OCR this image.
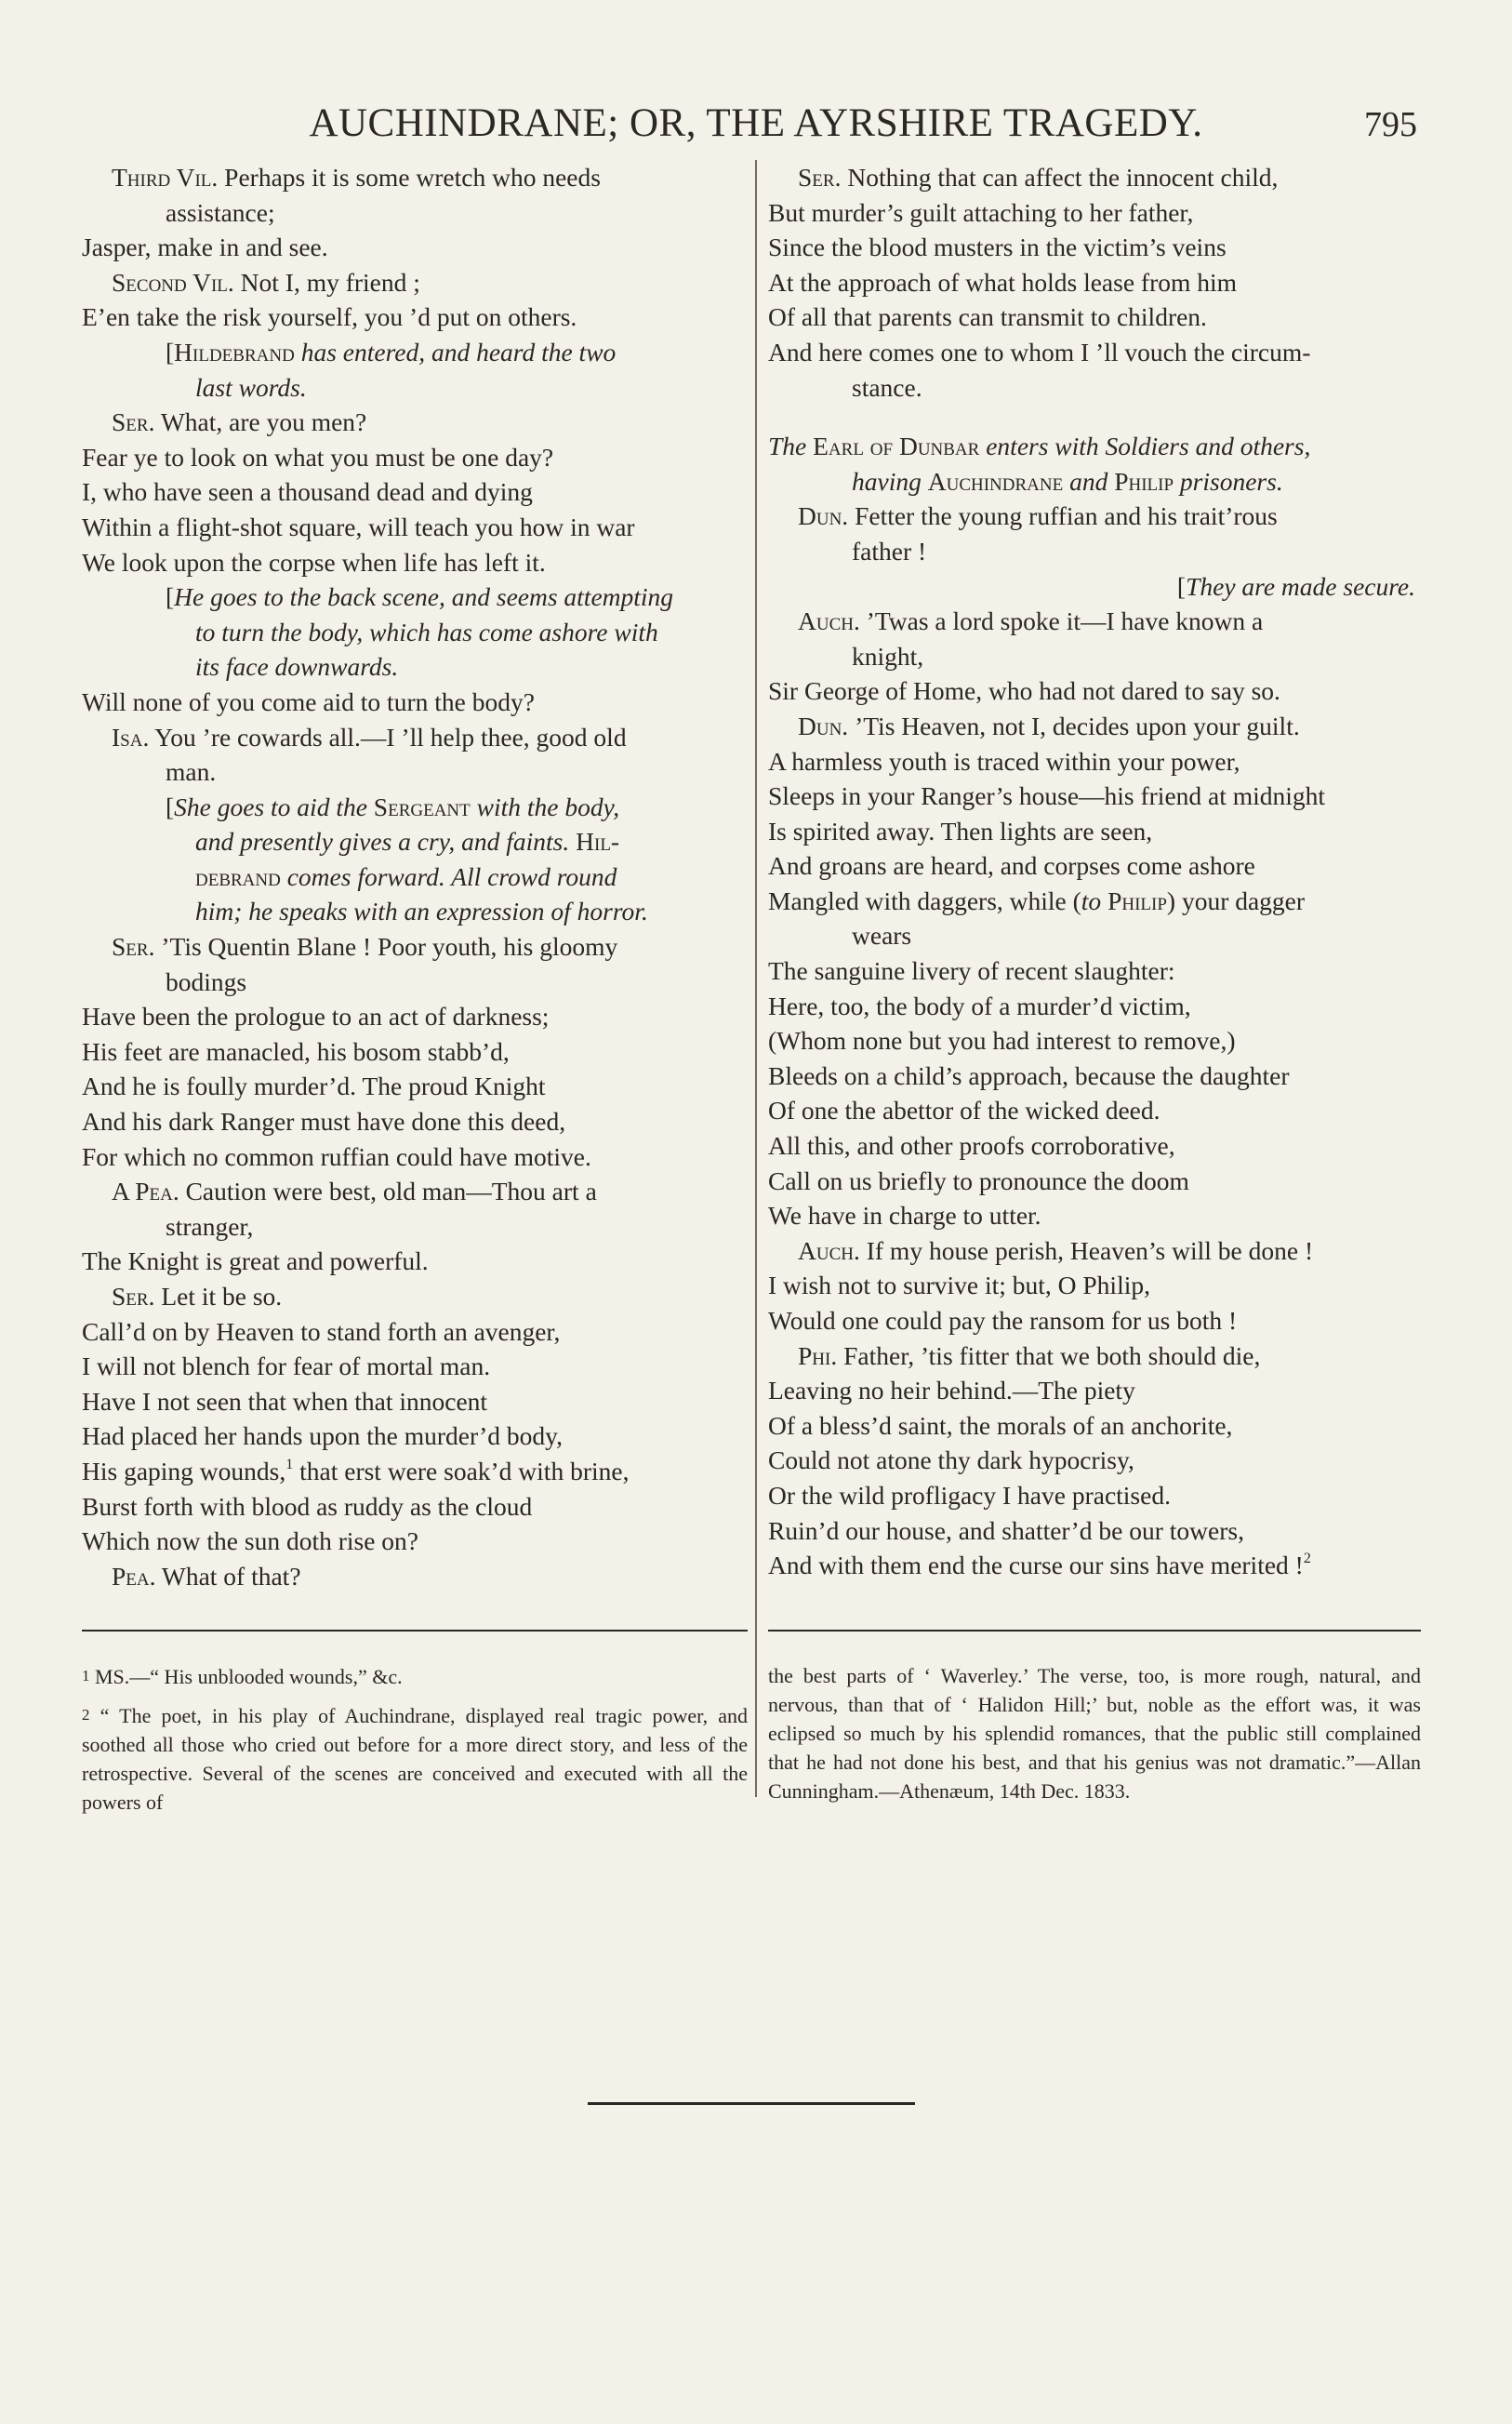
AUCHINDRANE; OR, THE AYRSHIRE TRAGEDY.	795
Third Vil. Perhaps it is some wretch who needs
assistance;
Jasper, make in and see.
Second Vil. Not I, my friend ;
E’en take the risk yourself, you ’d put on others.
[Hildebrand has entered, and heard the two
last words.
Ser. What, are you men?
Fear ye to look on what you must be one day?
I, who have seen a thousand dead and dying
Within a flight-shot square, will teach you how in war
We look upon the corpse when life has left it.
[He goes to the back scene, and seems attempting
to turn the body, which has come ashore with
its face downwards.
Will none of you come aid to turn the body?
Isa. You ’re cowards all.—I ’ll help thee, good old
man.
[She goes to aid the Sergeant with the body,
and presently gives a cry, and faints. Hil-
debrand comes forward. All crowd round
him; he speaks with an expression of horror.
Ser. ’Tis Quentin Blane ! Poor youth, his gloomy
bodings
Have been the prologue to an act of darkness;
His feet are manacled, his bosom stabb’d,
And he is foully murder’d. The proud Knight
And his dark Ranger must have done this deed,
For which no common ruffian could have motive.
A Pea. Caution were best, old man—Thou art a
stranger,
The Knight is great and powerful.
Ser. Let it be so.
Call’d on by Heaven to stand forth an avenger,
I will not blench for fear of mortal man.
Have I not seen that when that innocent
Had placed her hands upon the murder’d body,
His gaping wounds,$^1$ that erst were soak’d with brine,
Burst forth with blood as ruddy as the cloud
Which now the sun doth rise on?
Pea. What of that?
Ser. Nothing that can affect the innocent child,
But murder’s guilt attaching to her father,
Since the blood musters in the victim’s veins
At the approach of what holds lease from him
Of all that parents can transmit to children.
And here comes one to whom I ’ll vouch the circum-
stance.
The Earl of Dunbar enters with Soldiers and others,
having Auchindrane and Philip prisoners.
Dun. Fetter the young ruffian and his trait’rous
father !
[They are made secure.
Auch. ’Twas a lord spoke it—I have known a
knight,
Sir George of Home, who had not dared to say so.
Dun. ’Tis Heaven, not I, decides upon your guilt.
A harmless youth is traced within your power,
Sleeps in your Ranger’s house—his friend at midnight
Is spirited away. Then lights are seen,
And groans are heard, and corpses come ashore
Mangled with daggers, while (to Philip) your dagger
wears
The sanguine livery of recent slaughter:
Here, too, the body of a murder’d victim,
(Whom none but you had interest to remove,)
Bleeds on a child’s approach, because the daughter
Of one the abettor of the wicked deed.
All this, and other proofs corroborative,
Call on us briefly to pronounce the doom
We have in charge to utter.
Auch. If my house perish, Heaven’s will be done !
I wish not to survive it; but, O Philip,
Would one could pay the ransom for us both !
Phi. Father, ’tis fitter that we both should die,
Leaving no heir behind.—The piety
Of a bless’d saint, the morals of an anchorite,
Could not atone thy dark hypocrisy,
Or the wild profligacy I have practised.
Ruin’d our house, and shatter’d be our towers,
And with them end the curse our sins have merited !$^2$

1 MS.—“ His unblooded wounds,” &c.

2 “ The poet, in his play of Auchindrane, displayed real tragic power, and soothed all those who cried out before for a more direct story, and less of the retrospective. Several of the scenes are conceived and executed with all the powers of

the best parts of ‘ Waverley.’ The verse, too, is more rough, natural, and nervous, than that of ‘ Halidon Hill;’ but, noble as the effort was, it was eclipsed so much by his splendid romances, that the public still complained that he had not done his best, and that his genius was not dramatic.”—Allan Cunningham.—Athenæum, 14th Dec. 1833.
